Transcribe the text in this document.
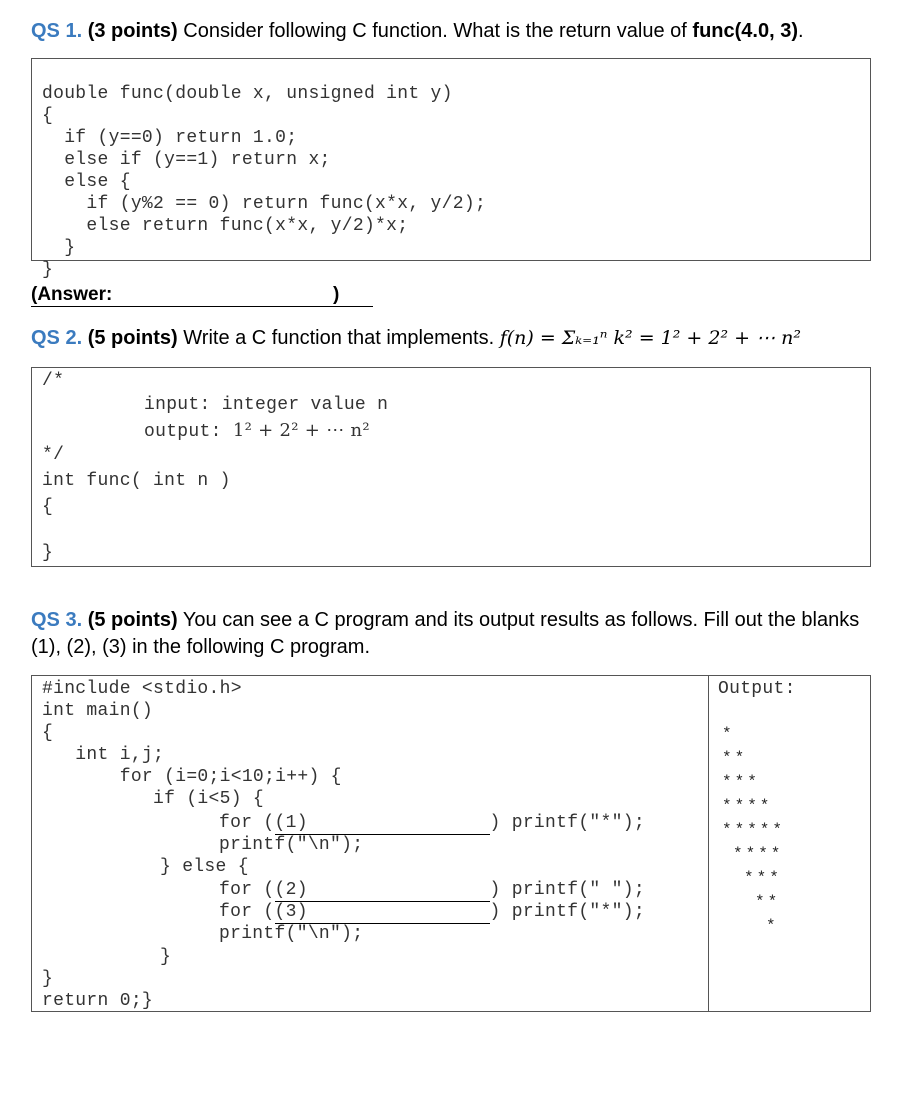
QS 1. (3 points) Consider following C function. What is the return value of func(4.0, 3).

double func(double x, unsigned int y)
{
if (y==0) return 1.0;
else if (y==1) return x;
else {
if (y%2 == 0) return func(x*x, y/2);
else return func(x*x, y/2)*x;
}
}

(Answer:	)
QS 2. (5 points) Write a C function that implements. f(n) = Σₖ₌₁ⁿ k² = 1² + 2² + ⋯ n²
/*
input: integer value n
output: 1² + 2² + ⋯ n²
*/
int func( int n )
{
}
QS 3. (5 points) You can see a C program and its output results as follows. Fill out the blanks (1), (2), (3) in the following C program.
#include <stdio.h>
int main()
{
int i,j;
for (i=0;i<10;i++) {
if (i<5) {
for ((1)	) printf("*");
printf("\n");
} else {
for ((2)	) printf(" ");
for ((3)	) printf("*");
printf("\n");
}
}
return 0;}
Output:
*
**
***
****
*****
****
***
**
*
